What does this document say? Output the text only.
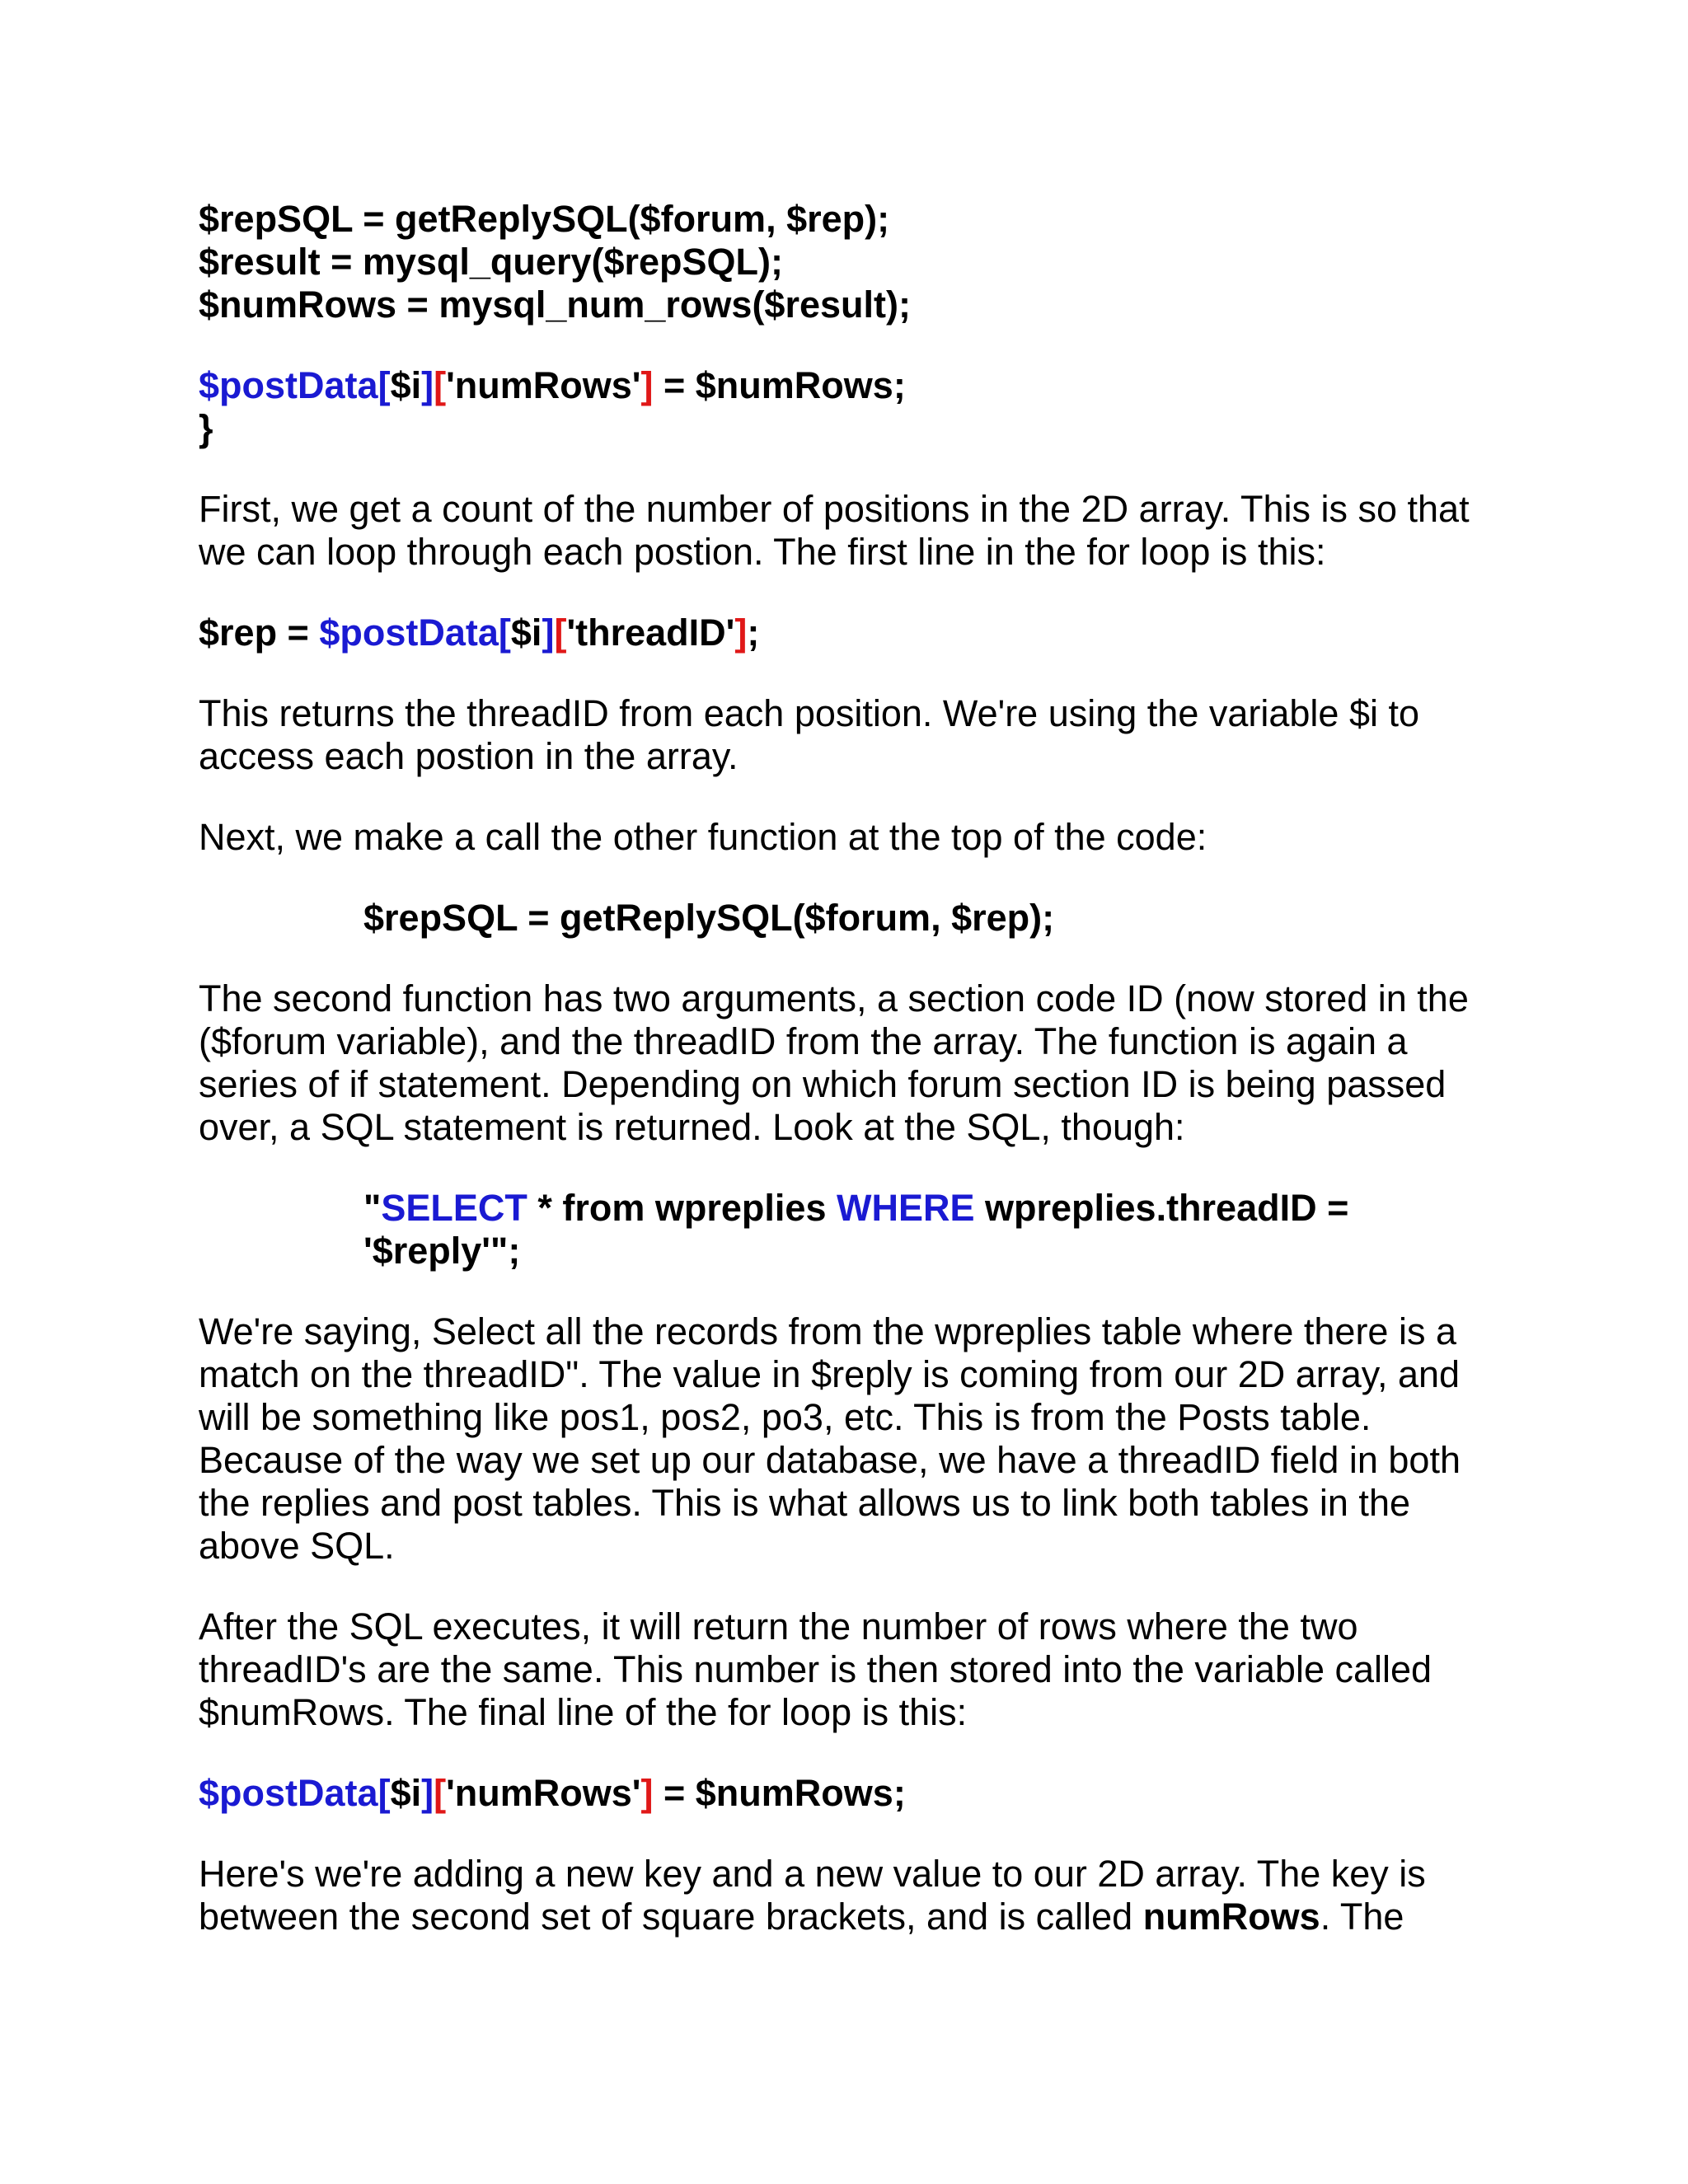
$repSQL = getReplySQL($forum, $rep);
$result = mysql_query($repSQL);
$numRows = mysql_num_rows($result);
$postData[$i]['numRows'] = $numRows;
}
First, we get a count of the number of positions in the 2D array. This is so that
we can loop through each postion. The first line in the for loop is this:
$rep = $postData[$i]['threadID'];
This returns the threadID from each position. We're using the variable $i to
access each postion in the array.
Next, we make a call the other function at the top of the code:
$repSQL = getReplySQL($forum, $rep);
The second function has two arguments, a section code ID (now stored in the
($forum variable), and the threadID from the array. The function is again a
series of if statement. Depending on which forum section ID is being passed
over, a SQL statement is returned. Look at the SQL, though:
"SELECT * from wpreplies WHERE wpreplies.threadID =
'$reply'";
We're saying, Select all the records from the wpreplies table where there is a
match on the threadID". The value in $reply is coming from our 2D array, and
will be something like pos1, pos2, po3, etc. This is from the Posts table.
Because of the way we set up our database, we have a threadID field in both
the replies and post tables. This is what allows us to link both tables in the
above SQL.
After the SQL executes, it will return the number of rows where the two
threadID's are the same. This number is then stored into the variable called
$numRows. The final line of the for loop is this:
$postData[$i]['numRows'] = $numRows;
Here's we're adding a new key and a new value to our 2D array. The key is
between the second set of square brackets, and is called numRows. The
